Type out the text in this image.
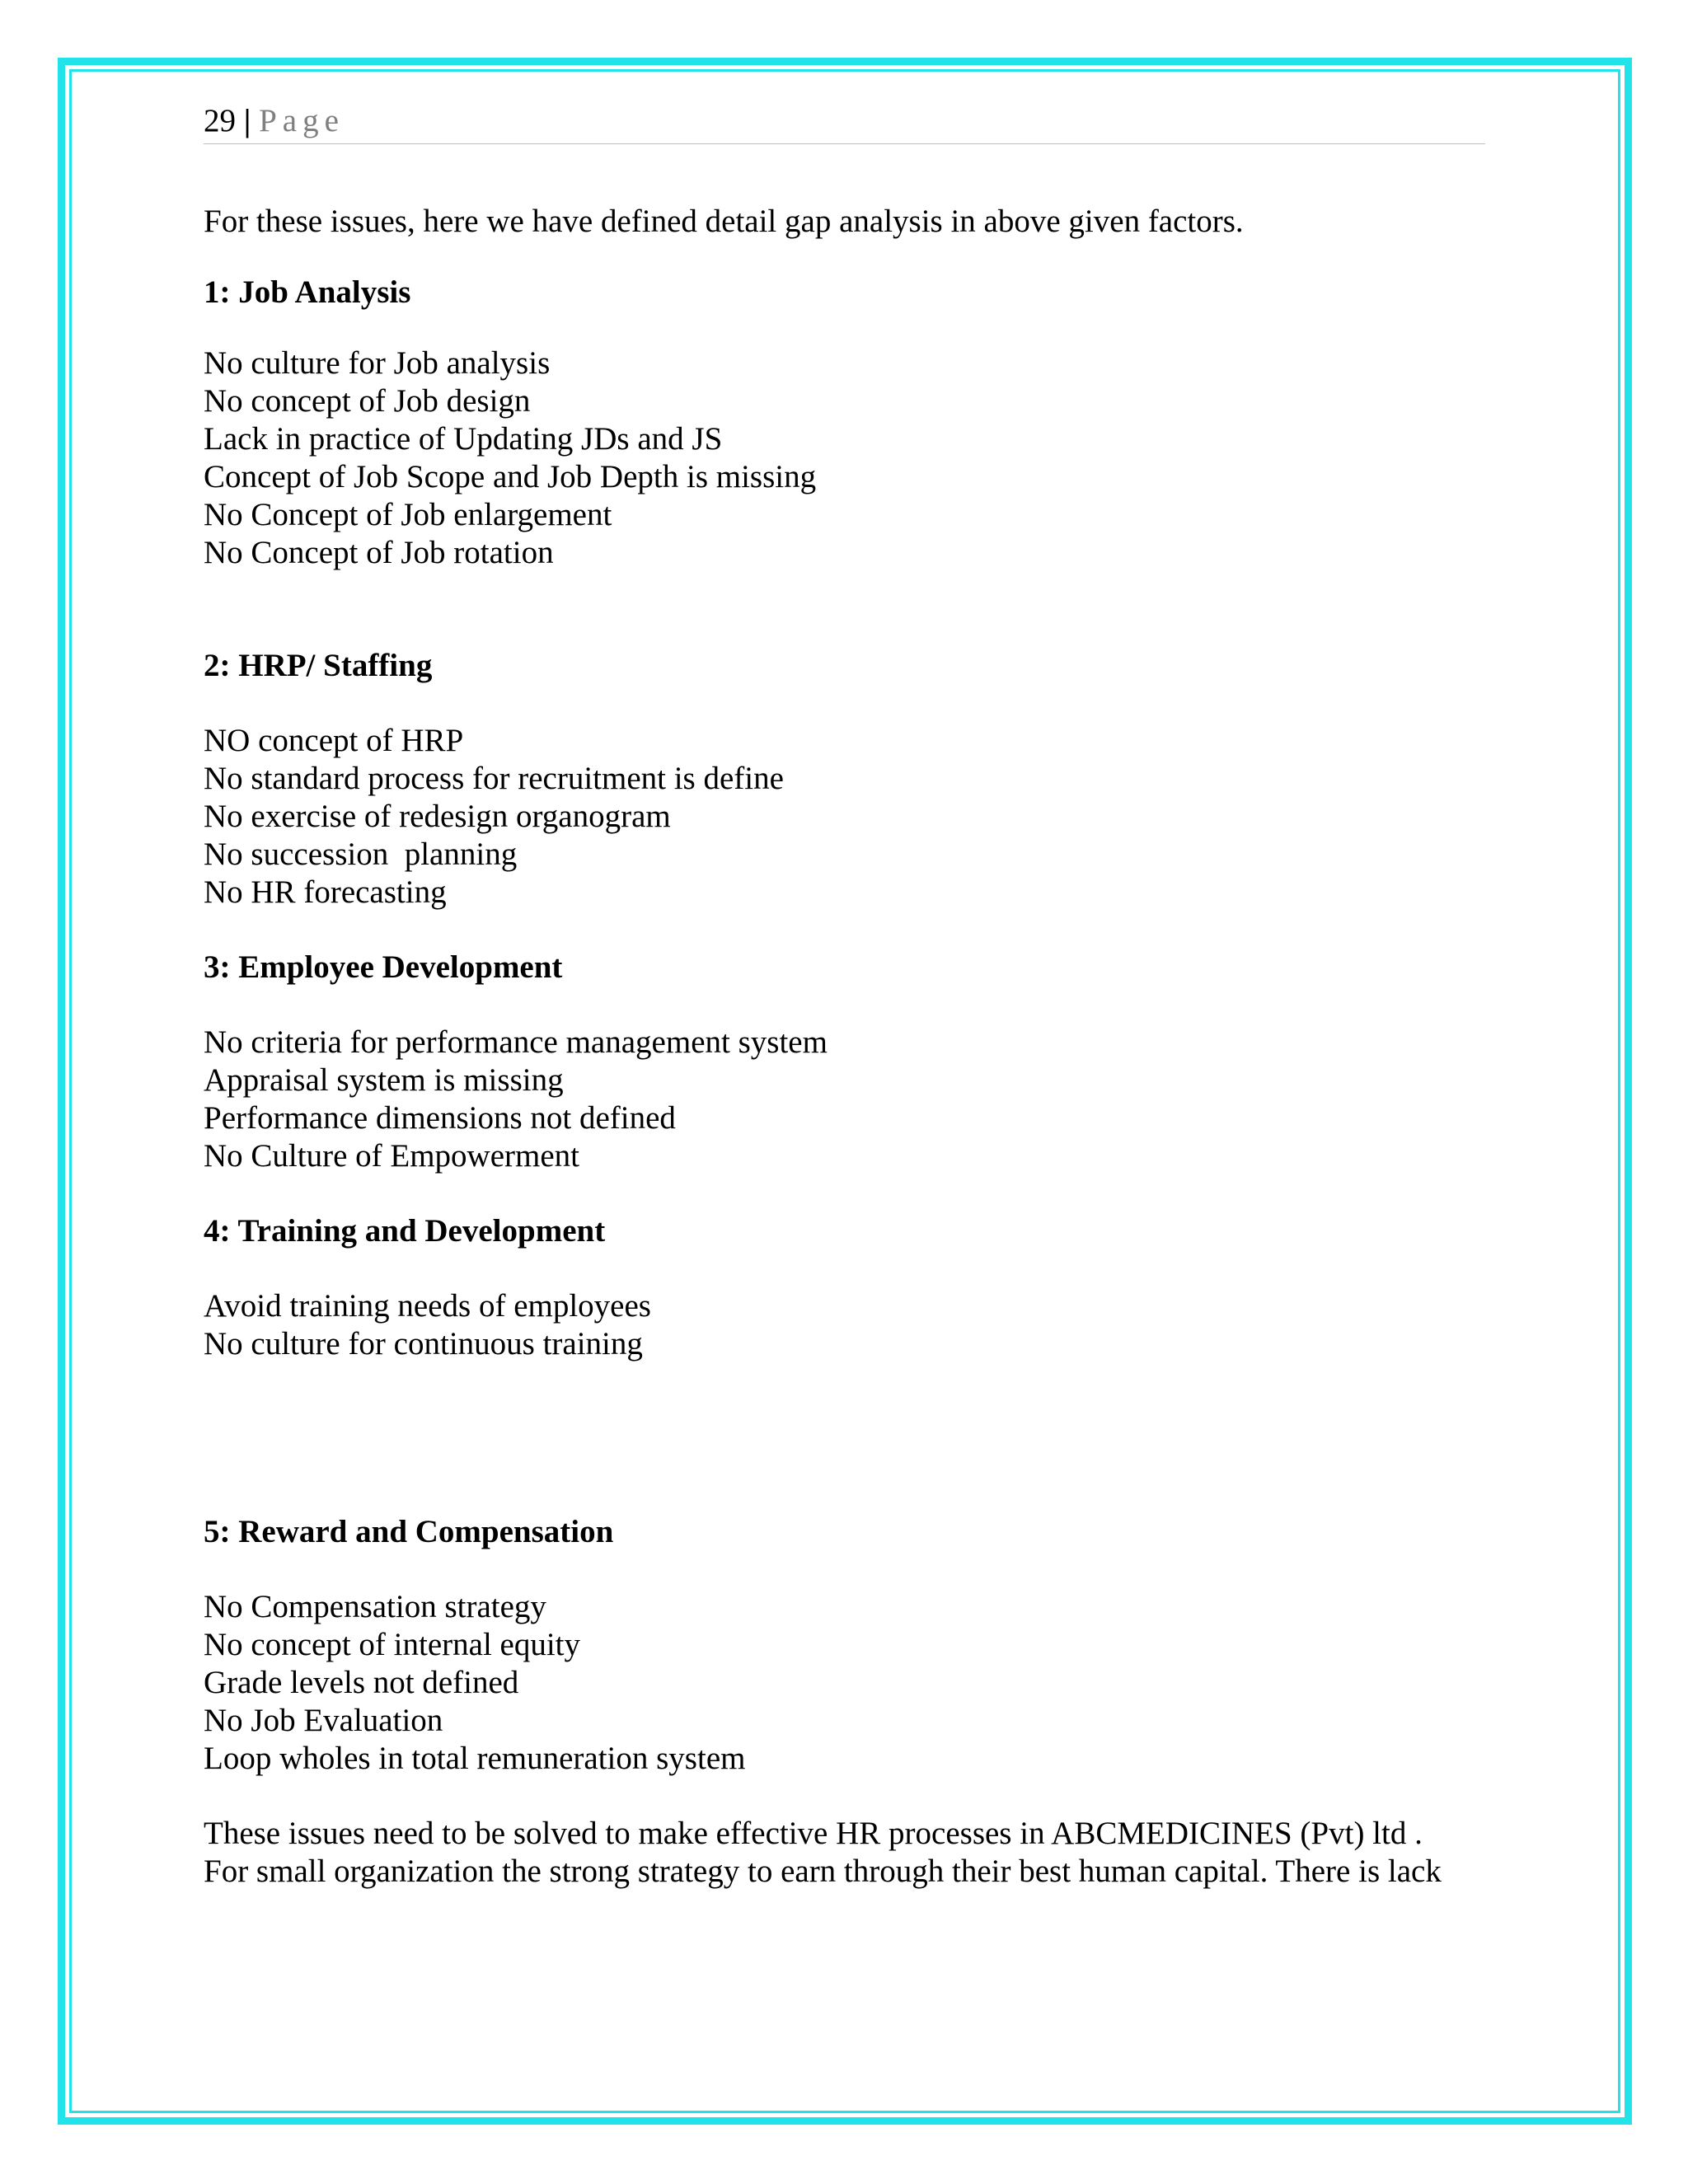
29 | Page

For these issues, here we have defined detail gap analysis in above given factors.

1: Job Analysis

No culture for Job analysis
No concept of Job design
Lack in practice of Updating JDs and JS
Concept of Job Scope and Job Depth is missing
No Concept of Job enlargement
No Concept of Job rotation

2: HRP/ Staffing

NO concept of HRP
No standard process for recruitment is define
No exercise of redesign organogram
No succession  planning
No HR forecasting

3: Employee Development

No criteria for performance management system
Appraisal system is missing
Performance dimensions not defined
No Culture of Empowerment

4: Training and Development

Avoid training needs of employees
No culture for continuous training

5: Reward and Compensation

No Compensation strategy
No concept of internal equity
Grade levels not defined
No Job Evaluation
Loop wholes in total remuneration system
These issues need to be solved to make effective HR processes in ABCMEDICINES (Pvt) ltd .
For small organization the strong strategy to earn through their best human capital. There is lack
